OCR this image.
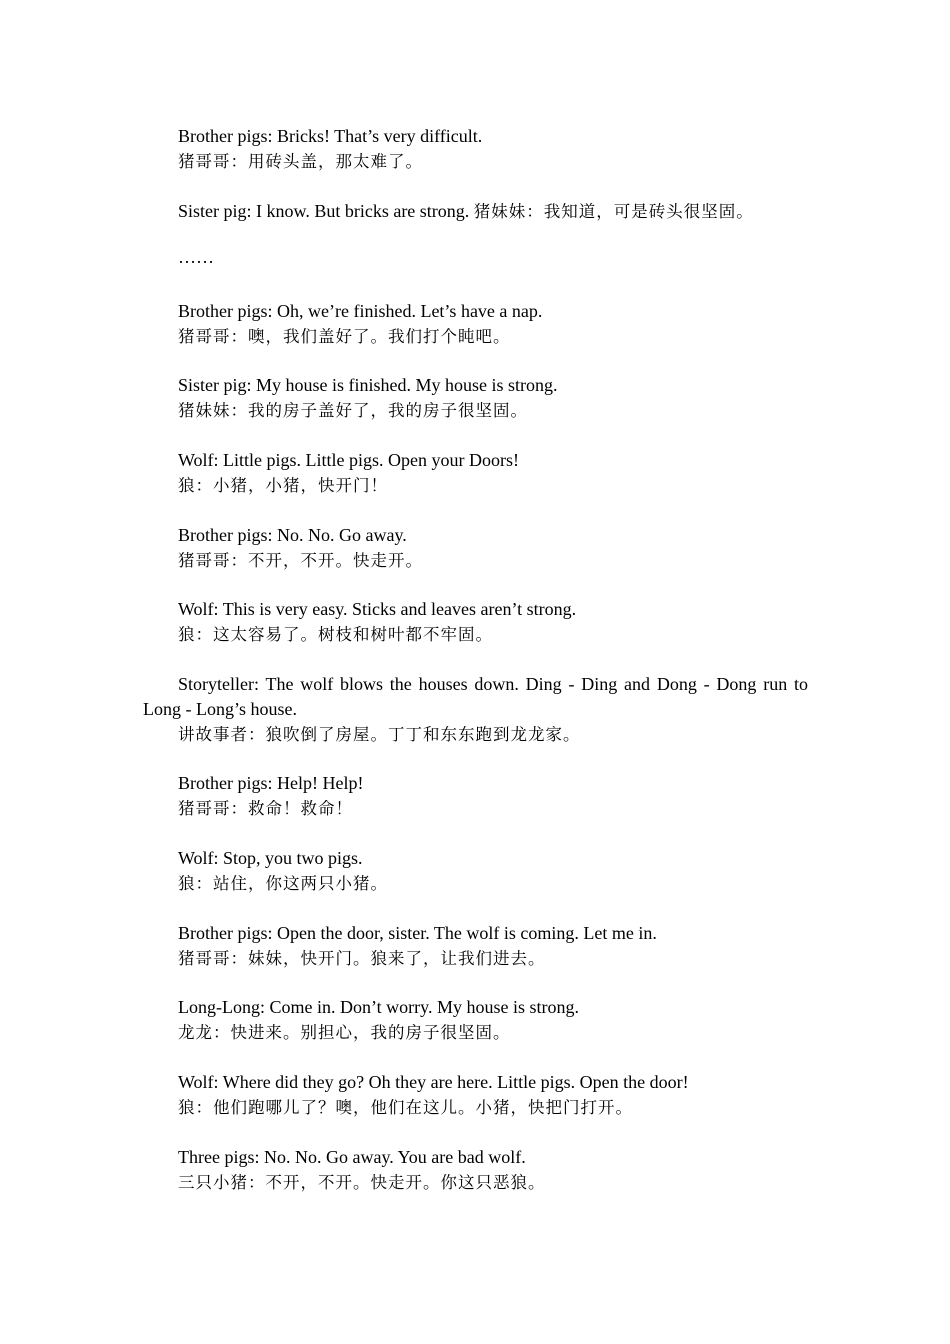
Brother pigs: Bricks! That’s very difficult.
猪哥哥：用砖头盖，那太难了。
Sister pig: I know. But bricks are strong. 猪妹妹：我知道，可是砖头很坚固。
……
Brother pigs: Oh, we’re finished. Let’s have a nap.
猪哥哥：噢，我们盖好了。我们打个盹吧。
Sister pig: My house is finished. My house is strong.
猪妹妹：我的房子盖好了，我的房子很坚固。
Wolf: Little pigs. Little pigs. Open your Doors!
狼：小猪，小猪，快开门！
Brother pigs: No. No. Go away.
猪哥哥：不开，不开。快走开。
Wolf: This is very easy. Sticks and leaves aren’t strong.
狼：这太容易了。树枝和树叶都不牢固。
Storyteller: The wolf blows the houses down. Ding - Ding and Dong - Dong run to Long - Long’s house.
讲故事者：狼吹倒了房屋。丁丁和东东跑到龙龙家。
Brother pigs: Help! Help!
猪哥哥：救命！救命！
Wolf: Stop, you two pigs.
狼：站住，你这两只小猪。
Brother pigs: Open the door, sister. The wolf is coming. Let me in.
猪哥哥：妹妹，快开门。狼来了，让我们进去。
Long-Long: Come in. Don’t worry. My house is strong.
龙龙：快进来。别担心，我的房子很坚固。
Wolf: Where did they go? Oh they are here. Little pigs. Open the door!
狼：他们跑哪儿了？噢，他们在这儿。小猪，快把门打开。
Three pigs: No. No. Go away. You are bad wolf.
三只小猪：不开，不开。快走开。你这只恶狼。
